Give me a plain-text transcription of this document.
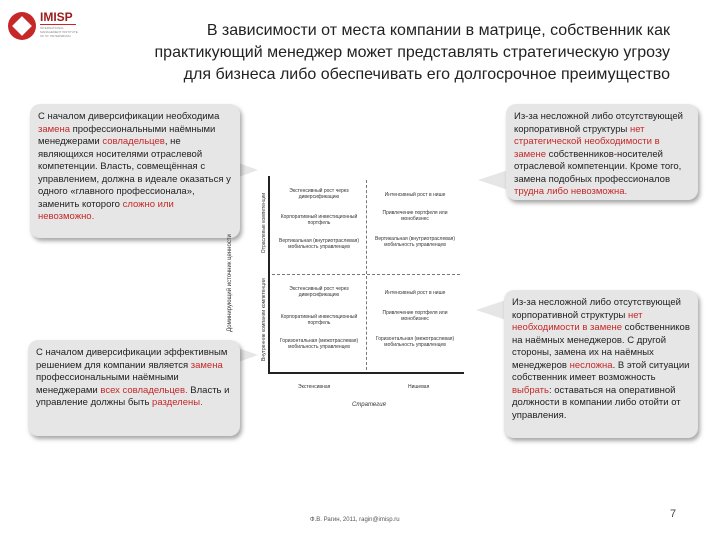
IMISP
INTERNATIONAL MANAGEMENT INSTITUTE OF ST. PETERSBURG	В зависимости от места компании в матрице, собственник как
практикующий менеджер может представлять стратегическую угрозу
для бизнеса либо обеспечивать его долгосрочное преимущество
С началом диверсификации необходима замена профессиональными наёмными менеджерами совладельцев, не являющихся носителями отраслевой компетенции. Власть, совмещённая с управлением, должна в идеале оказаться у одного «главного профессионала», заменить которого сложно или невозможно.
С началом диверсификации эффективным решением для компании является замена профессиональными наёмными менеджерами всех совладельцев. Власть и управление должны быть разделены.
Из-за несложной либо отсутствующей корпоративной структуры нет стратегической необходимости в замене собственников-носителей отраслевой компетенции. Кроме того, замена подобных профессионалов трудна либо невозможна.
Из-за несложной либо отсутствующей корпоративной структуры нет необходимости в замене собственников на наёмных менеджеров. С другой стороны, замена их на наёмных менеджеров несложна. В этой ситуации собственник имеет возможность выбрать: оставаться на оперативной должности в компании либо отойти от управления.
Доминирующий источник ценности
Отраслевые компетенции
Внутренние компании компетенции
Экстенсивный рост через диверсификацию
Корпоративный инвестиционный портфель
Вертикальная (внутриотраслевая) мобильность управленцев
Интенсивный рост в нише
Привлечение портфеля или монобизнес
Вертикальная (внутриотраслевая) мобильность управленцев
Экстенсивный рост через диверсификацию
Корпоративный инвестиционный портфель
Горизонтальная (межотраслевая) мобильность управленцев
Интенсивный рост в нише
Привлечение портфеля или монобизнес
Горизонтальная (межотраслевая) мобильность управленцев
Экстенсивная	Нишевая
Стратегия
Ф.В. Рагин, 2011, ragin@imisp.ru	7
